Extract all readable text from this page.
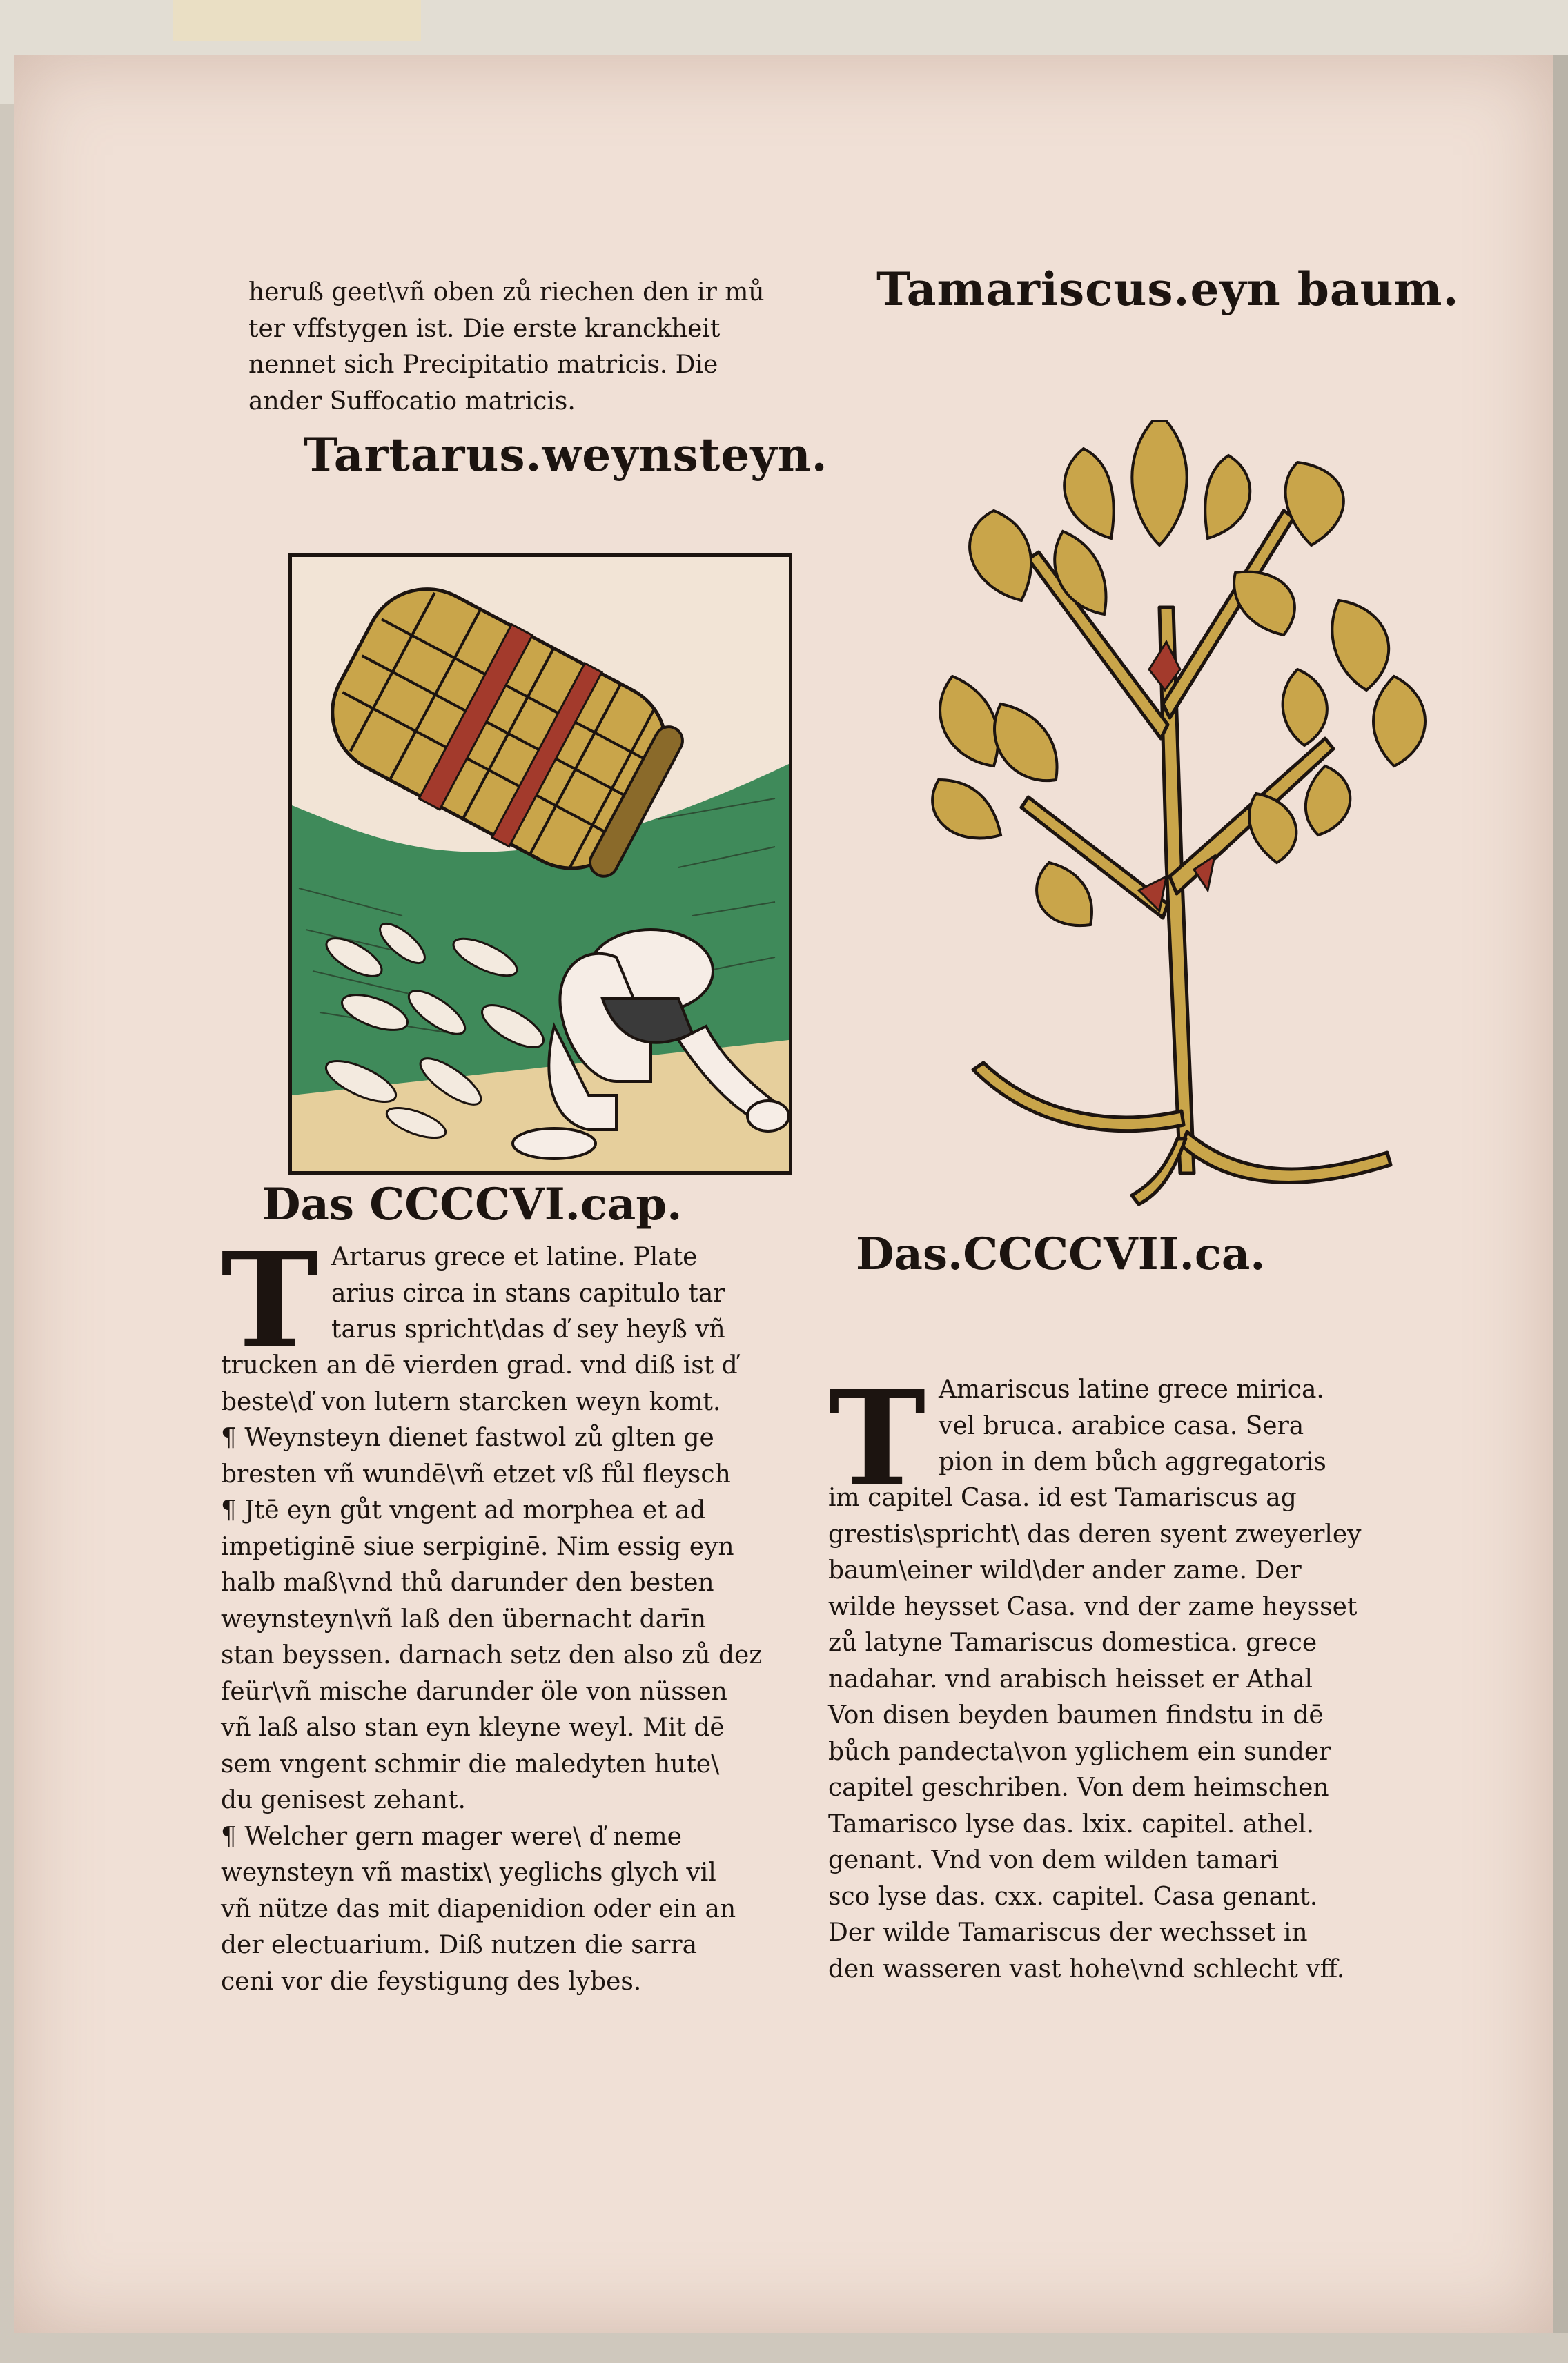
heruß geet\vñ oben zů riechen den ir mů
ter vffstygen ist. Die erste kranckheit
nennet sich Precipitatio matricis. Die
ander Suffocatio matricis.
Tartarus.weynsteyn.
Das CCCCVI.cap.
T Artarus grece et latine. Plate
arius circa in stans capitulo tar
tarus spricht\das ď sey heyß vñ
trucken an dē vierden grad. vnd diß ist ď
beste\ď von lutern starcken weyn komt.
¶ Weynsteyn dienet fastwol zů glten ge
bresten vñ wundē\vñ etzet vß fůl fleysch
¶ Jtē eyn gůt vngent ad morphea et ad
impetiginē siue serpiginē. Nim essig eyn
halb maß\vnd thů darunder den besten
weynsteyn\vñ laß den übernacht darīn
stan beyssen. darnach setz den also zů dez
feür\vñ mische darunder öle von nüssen
vñ laß also stan eyn kleyne weyl. Mit dē
sem vngent schmir die maledyten hute\
du genisest zehant.
¶ Welcher gern mager were\ ď neme
weynsteyn vñ mastix\ yeglichs glych vil
vñ nütze das mit diapenidion oder ein an
der electuarium. Diß nutzen die sarra
ceni vor die feystigung des lybes.
Tamariscus.eyn baum.
Das.CCCCVII.ca.
T Amariscus latine grece mirica.
vel bruca. arabice casa. Sera
pion in dem bůch aggregatoris
im capitel Casa. id est Tamariscus ag
grestis\spricht\ das deren syent zweyerley
baum\einer wild\der ander zame. Der
wilde heysset Casa. vnd der zame heysset
zů latyne Tamariscus domestica. grece
nadahar. vnd arabisch heisset er Athal
Von disen beyden baumen findstu in dē
bůch pandecta\von yglichem ein sunder
capitel geschriben. Von dem heimschen
Tamarisco lyse das. lxix. capitel. athel.
genant. Vnd von dem wilden tamari
sco lyse das. cxx. capitel. Casa genant.
Der wilde Tamariscus der wechsset in
den wasseren vast hohe\vnd schlecht vff.
